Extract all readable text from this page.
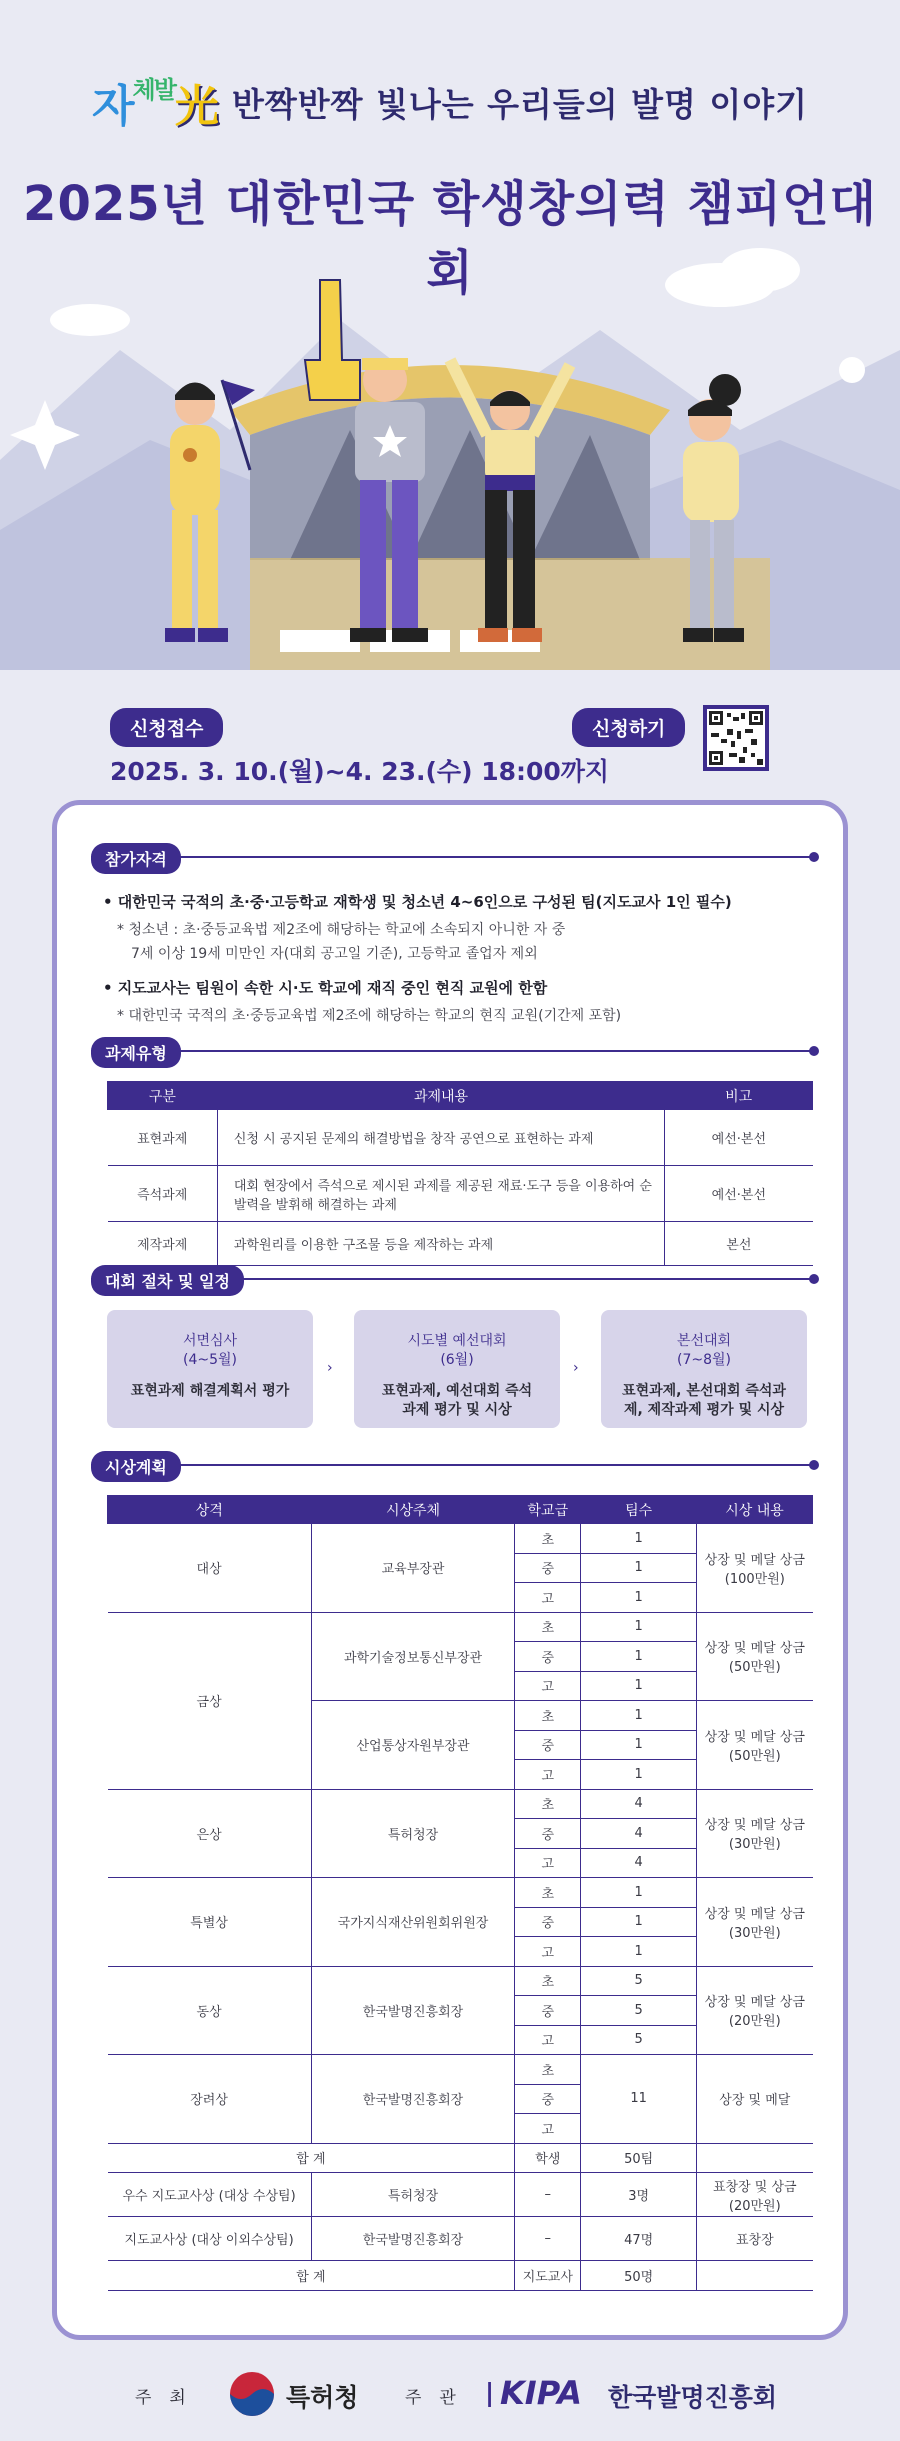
자$^{체발}$光 반짝반짝 빛나는 우리들의 발명 이야기
2025년 대한민국 학생창의력 챔피언대회
신청접수	신청하기
2025. 3. 10.(월)~4. 23.(수) 18:00까지
참가자격
• 대한민국 국적의 초·중·고등학교 재학생 및 청소년 4~6인으로 구성된 팀(지도교사 1인 필수)
* 청소년 : 초·중등교육법 제2조에 해당하는 학교에 소속되지 아니한 자 중
7세 이상 19세 미만인 자(대회 공고일 기준), 고등학교 졸업자 제외
• 지도교사는 팀원이 속한 시·도 학교에 재직 중인 현직 교원에 한함
* 대한민국 국적의 초·중등교육법 제2조에 해당하는 학교의 현직 교원(기간제 포함)
과제유형
구분	과제내용	비고
표현과제	신청 시 공지된 문제의 해결방법을 창작 공연으로 표현하는 과제	예선·본선
즉석과제	대회 현장에서 즉석으로 제시된 과제를 제공된 재료·도구 등을 이용하여 순발력을 발휘해 해결하는 과제	예선·본선
제작과제	과학원리를 이용한 구조물 등을 제작하는 과제	본선
대회 절차 및 일정
서면심사
(4~5월)
표현과제 해결계획서 평가
›
시도별 예선대회
(6월)
표현과제, 예선대회 즉석과제 평가 및 시상
›
본선대회
(7~8월)
표현과제, 본선대회 즉석과제, 제작과제 평가 및 시상
시상계획
상격	시상주체	학교급	팀수	시상 내용
대상	교육부장관	초	1	상장 및 메달 상금(100만원)
		중	1	
		고	1	
금상	과학기술정보통신부장관	초	1	상장 및 메달 상금(50만원)
		중	1	
		고	1	
	산업통상자원부장관	초	1	상장 및 메달 상금(50만원)
		중	1	
		고	1	
은상	특허청장	초	4	상장 및 메달 상금(30만원)
		중	4	
		고	4	
특별상	국가지식재산위원회위원장	초	1	상장 및 메달 상금(30만원)
		중	1	
		고	1	
동상	한국발명진흥회장	초	5	상장 및 메달 상금(20만원)
		중	5	
		고	5	
장려상	한국발명진흥회장	초	11	상장 및 메달
		중		
		고		
합 계		학생	50팀	
우수 지도교사상 (대상 수상팀)	특허청장	–	3명	표창장 및 상금(20만원)
지도교사상 (대상 이외수상팀)	한국발명진흥회장	–	47명	표창장
합 계		지도교사	50명	
주최	특허청	주관 | KIPA 한국발명진흥회
